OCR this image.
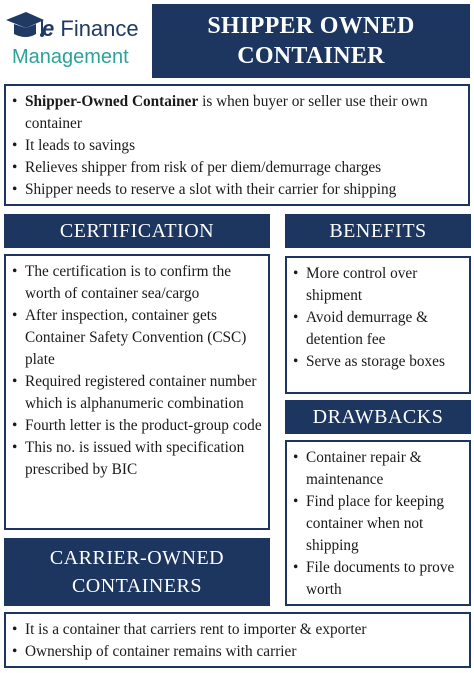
e Finance
Management
SHIPPER OWNED
CONTAINER
• Shipper-Owned Container is when buyer or seller use their own container
• It leads to savings
• Relieves shipper from risk of per diem/demurrage charges
• Shipper needs to reserve a slot with their carrier for shipping
CERTIFICATION
• The certification is to confirm the worth of container sea/cargo
• After inspection, container gets Container Safety Convention (CSC) plate
• Required registered container number which is alphanumeric combination
• Fourth letter is the product-group code
• This no. is issued with specification prescribed by BIC
BENEFITS
• More control over shipment
• Avoid demurrage & detention fee
• Serve as storage boxes
DRAWBACKS
• Container repair & maintenance
• Find place for keeping container when not shipping
• File documents to prove worth
CARRIER-OWNED
CONTAINERS
• It is a container that carriers rent to importer & exporter
• Ownership of container remains with carrier
